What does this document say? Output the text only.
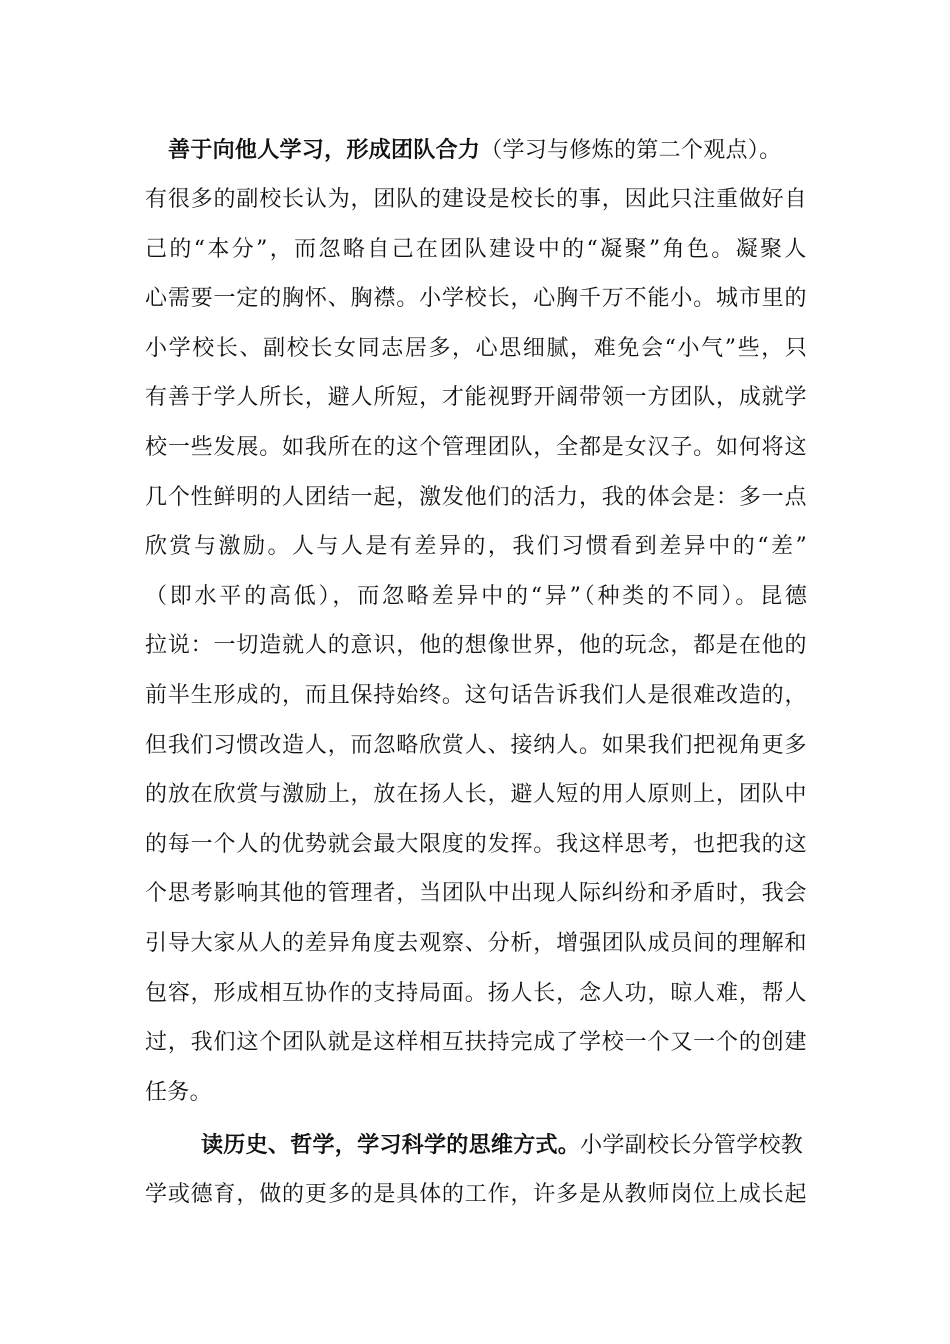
善于向他人学习，形成团队合力（学习与修炼的第二个观点）。
有很多的副校长认为，团队的建设是校长的事，因此只注重做好自
己的“本分”，而忽略自己在团队建设中的“凝聚”角色。凝聚人
心需要一定的胸怀、胸襟。小学校长，心胸千万不能小。城市里的
小学校长、副校长女同志居多，心思细腻，难免会“小气”些，只
有善于学人所长，避人所短，才能视野开阔带领一方团队，成就学
校一些发展。如我所在的这个管理团队，全都是女汉子。如何将这
几个性鲜明的人团结一起，激发他们的活力，我的体会是：多一点
欣赏与激励。人与人是有差异的，我们习惯看到差异中的“差”
（即水平的高低），而忽略差异中的“异”（种类的不同）。昆德
拉说：一切造就人的意识，他的想像世界，他的玩念，都是在他的
前半生形成的，而且保持始终。这句话告诉我们人是很难改造的，
但我们习惯改造人，而忽略欣赏人、接纳人。如果我们把视角更多
的放在欣赏与激励上，放在扬人长，避人短的用人原则上，团队中
的每一个人的优势就会最大限度的发挥。我这样思考，也把我的这
个思考影响其他的管理者，当团队中出现人际纠纷和矛盾时，我会
引导大家从人的差异角度去观察、分析，增强团队成员间的理解和
包容，形成相互协作的支持局面。扬人长，念人功，晾人难，帮人
过，我们这个团队就是这样相互扶持完成了学校一个又一个的创建
任务。
读历史、哲学，学习科学的思维方式。小学副校长分管学校教
学或德育，做的更多的是具体的工作，许多是从教师岗位上成长起
